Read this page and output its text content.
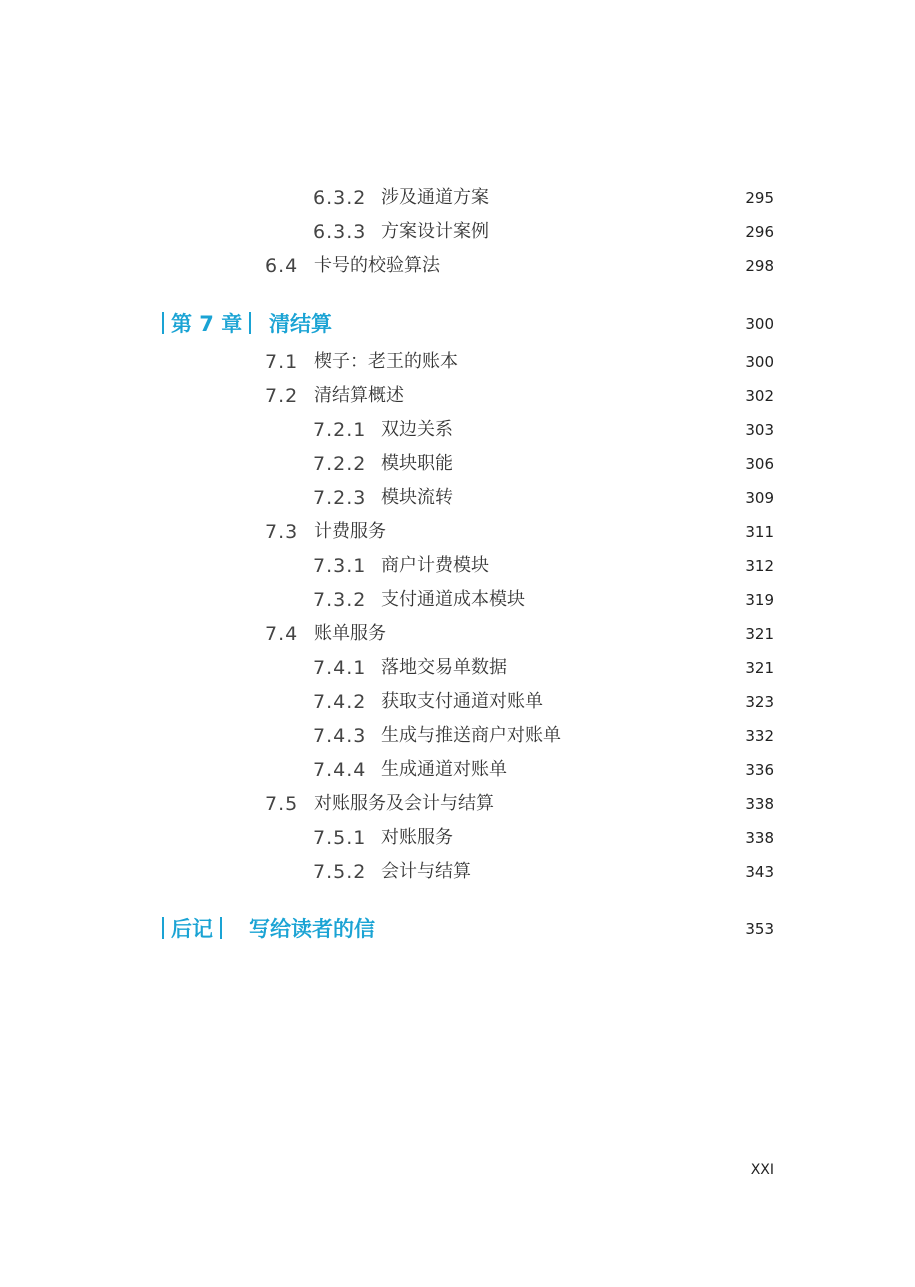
6.3.2 涉及通道方案	295
6.3.3 方案设计案例	296
6.4 卡号的校验算法	298
第 7 章	清结算	300
7.1 楔子：老王的账本	300
7.2 清结算概述	302
7.2.1 双边关系	303
7.2.2 模块职能	306
7.2.3 模块流转	309
7.3 计费服务	311
7.3.1 商户计费模块	312
7.3.2 支付通道成本模块	319
7.4 账单服务	321
7.4.1 落地交易单数据	321
7.4.2 获取支付通道对账单	323
7.4.3 生成与推送商户对账单	332
7.4.4 生成通道对账单	336
7.5 对账服务及会计与结算	338
7.5.1 对账服务	338
7.5.2 会计与结算	343
后记	写给读者的信	353
XXI
